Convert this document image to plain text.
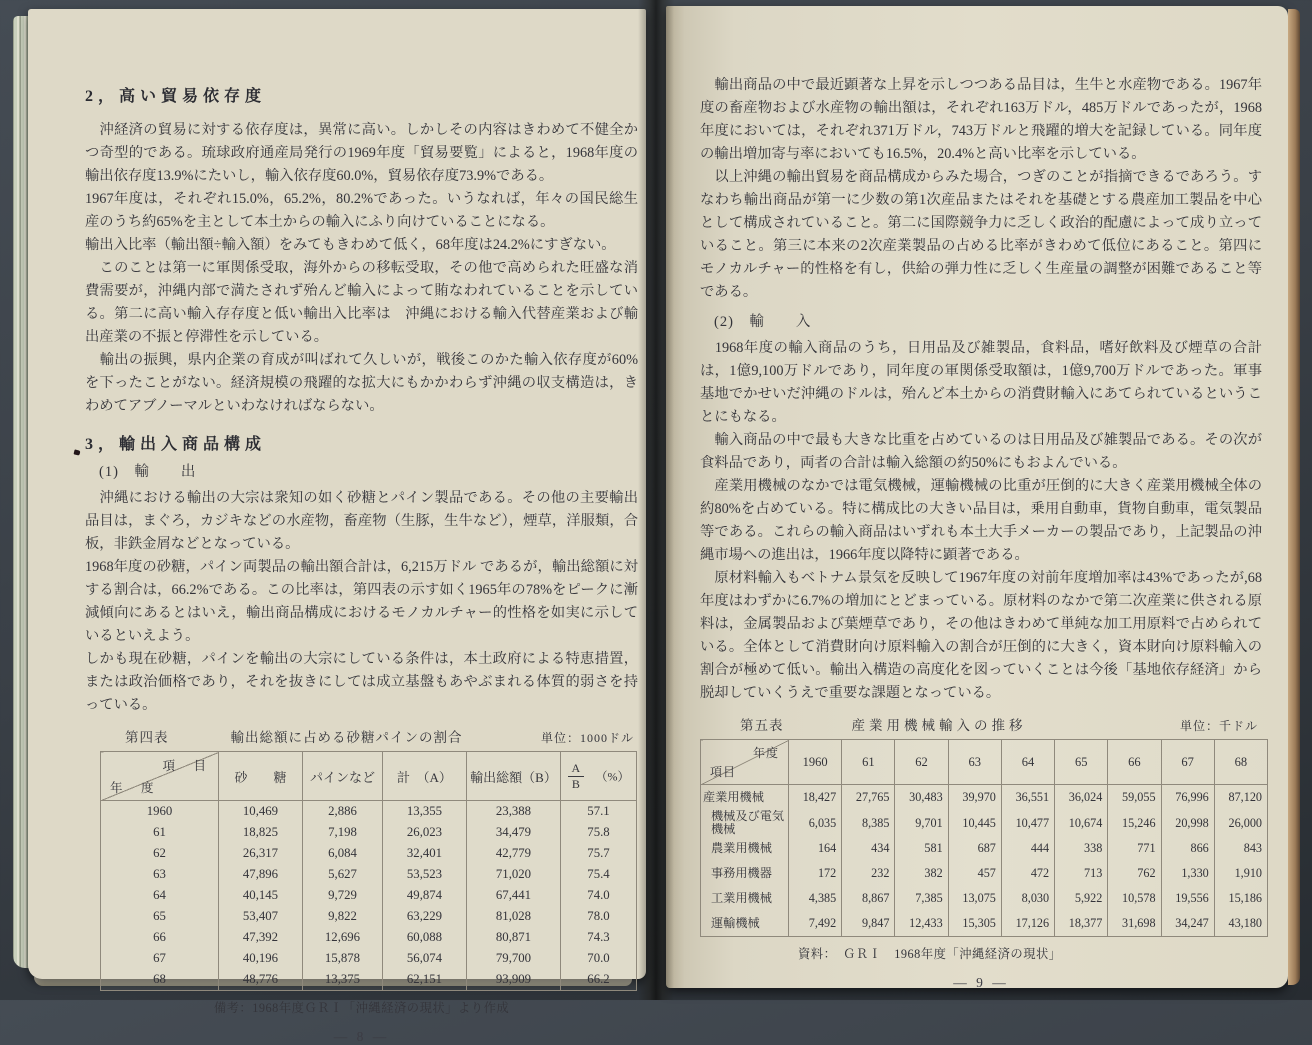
2，高い貿易依存度

　沖経済の貿易に対する依存度は，異常に高い。しかしその内容はきわめて不健全かつ奇型的である。琉球政府通産局発行の1969年度「貿易要覧」によると，1968年度の輸出依存度13.9%にたいし，輸入依存度60.0%，貿易依存度73.9%である。

1967年度は，それぞれ15.0%，65.2%，80.2%であった。いうなれば，年々の国民総生産のうち約65%を主として本土からの輸入にふり向けていることになる。

輸出入比率（輸出額÷輸入額）をみてもきわめて低く，68年度は24.2%にすぎない。

　このことは第一に軍関係受取，海外からの移転受取，その他で高められた旺盛な消費需要が，沖縄内部で満たされず殆んど輸入によって賄なわれていることを示している。第二に高い輸入存存度と低い輸出入比率は　沖縄における輸入代替産業および輸出産業の不振と停滞性を示している。

　輸出の振興，県内企業の育成が叫ばれて久しいが，戦後このかた輸入依存度が60%を下ったことがない。経済規模の飛躍的な拡大にもかかわらず沖縄の収支構造は，きわめてアブノーマルといわなければならない。

3，輸出入商品構成
(1)　輸　　出

　沖縄における輸出の大宗は衆知の如く砂糖とパイン製品である。その他の主要輸出品目は，まぐろ，カジキなどの水産物，畜産物（生豚，生牛など），煙草，洋服類，合板，非鉄金屑などとなっている。

1968年度の砂糖，パイン両製品の輸出額合計は，6,215万ドル であるが，輸出総額に対する割合は，66.2%である。この比率は，第四表の示す如く1965年の78%をピークに漸減傾向にあるとはいえ，輸出商品構成におけるモノカルチャー的性格を如実に示しているといえよう。

しかも現在砂糖，パインを輸出の大宗にしている条件は，本土政府による特恵措置，または政治価格であり，それを抜きにしては成立基盤もあやぶまれる体質的弱さを持っている。

第四表	輸出総額に占める砂糖パインの割合	単位：1000ドル
項　目
年　度	砂　　糖	パインなど	計　（A）	輸出総額（B）	$\frac{A}{B}$ （%）
1960	10,469	2,886	13,355	23,388	57.1
61	18,825	7,198	26,023	34,479	75.8
62	26,317	6,084	32,401	42,779	75.7
63	47,896	5,627	53,523	71,020	75.4
64	40,145	9,729	49,874	67,441	74.0
65	53,407	9,822	63,229	81,028	78.0
66	47,392	12,696	60,088	80,871	74.3
67	40,196	15,878	56,074	79,700	70.0
68	48,776	13,375	62,151	93,909	66.2
備考：1968年度ＧＲＩ「沖縄経済の現状」より作成
— 8 —

　輸出商品の中で最近顕著な上昇を示しつつある品目は，生牛と水産物である。1967年度の畜産物および水産物の輸出額は，それぞれ163万ドル，485万ドルであったが，1968年度においては，それぞれ371万ドル，743万ドルと飛躍的増大を記録している。同年度の輸出増加寄与率においても16.5%，20.4%と高い比率を示している。

　以上沖縄の輸出貿易を商品構成からみた場合，つぎのことが指摘できるであろう。すなわち輸出商品が第一に少数の第1次産品またはそれを基礎とする農産加工製品を中心として構成されていること。第二に国際競争力に乏しく政治的配慮によって成り立っていること。第三に本来の2次産業製品の占める比率がきわめて低位にあること。第四にモノカルチャー的性格を有し，供給の弾力性に乏しく生産量の調整が困難であること等である。

(2)　輸　　入

　1968年度の輸入商品のうち，日用品及び雑製品，食料品，嗜好飲料及び煙草の合計は，1億9,100万ドルであり，同年度の軍関係受取額は，1億9,700万ドルであった。軍事基地でかせいだ沖縄のドルは，殆んど本土からの消費財輸入にあてられているということにもなる。

　輸入商品の中で最も大きな比重を占めているのは日用品及び雑製品である。その次が食料品であり，両者の合計は輸入総額の約50%にもおよんでいる。

　産業用機械のなかでは電気機械，運輸機械の比重が圧倒的に大きく産業用機械全体の約80%を占めている。特に構成比の大きい品目は，乗用自動車，貨物自動車，電気製品等である。これらの輸入商品はいずれも本土大手メーカーの製品であり，上記製品の沖縄市場への進出は，1966年度以降特に顕著である。

　原材料輸入もベトナム景気を反映して1967年度の対前年度増加率は43%であったが,68年度はわずかに6.7%の増加にとどまっている。原材料のなかで第二次産業に供される原料は，金属製品および葉煙草であり，その他はきわめて単純な加工用原料で占められている。全体として消費財向け原料輸入の割合が圧倒的に大きく，資本財向け原料輸入の割合が極めて低い。輸出入構造の高度化を図っていくことは今後「基地依存経済」から脱却していくうえで重要な課題となっている。

第五表	産業用機械輸入の推移	単位：千ドル
年度
項目	1960	61	62	63	64	65	66	67	68
産業用機械	18,427	27,765	30,483	39,970	36,551	36,024	59,055	76,996	87,120
機械及び電気機械	6,035	8,385	9,701	10,445	10,477	10,674	15,246	20,998	26,000
農業用機械	164	434	581	687	444	338	771	866	843
事務用機器	172	232	382	457	472	713	762	1,330	1,910
工業用機械	4,385	8,867	7,385	13,075	8,030	5,922	10,578	19,556	15,186
運輸機械	7,492	9,847	12,433	15,305	17,126	18,377	31,698	34,247	43,180
資料：　ＧＲＩ　1968年度「沖縄経済の現状」
— 9 —
